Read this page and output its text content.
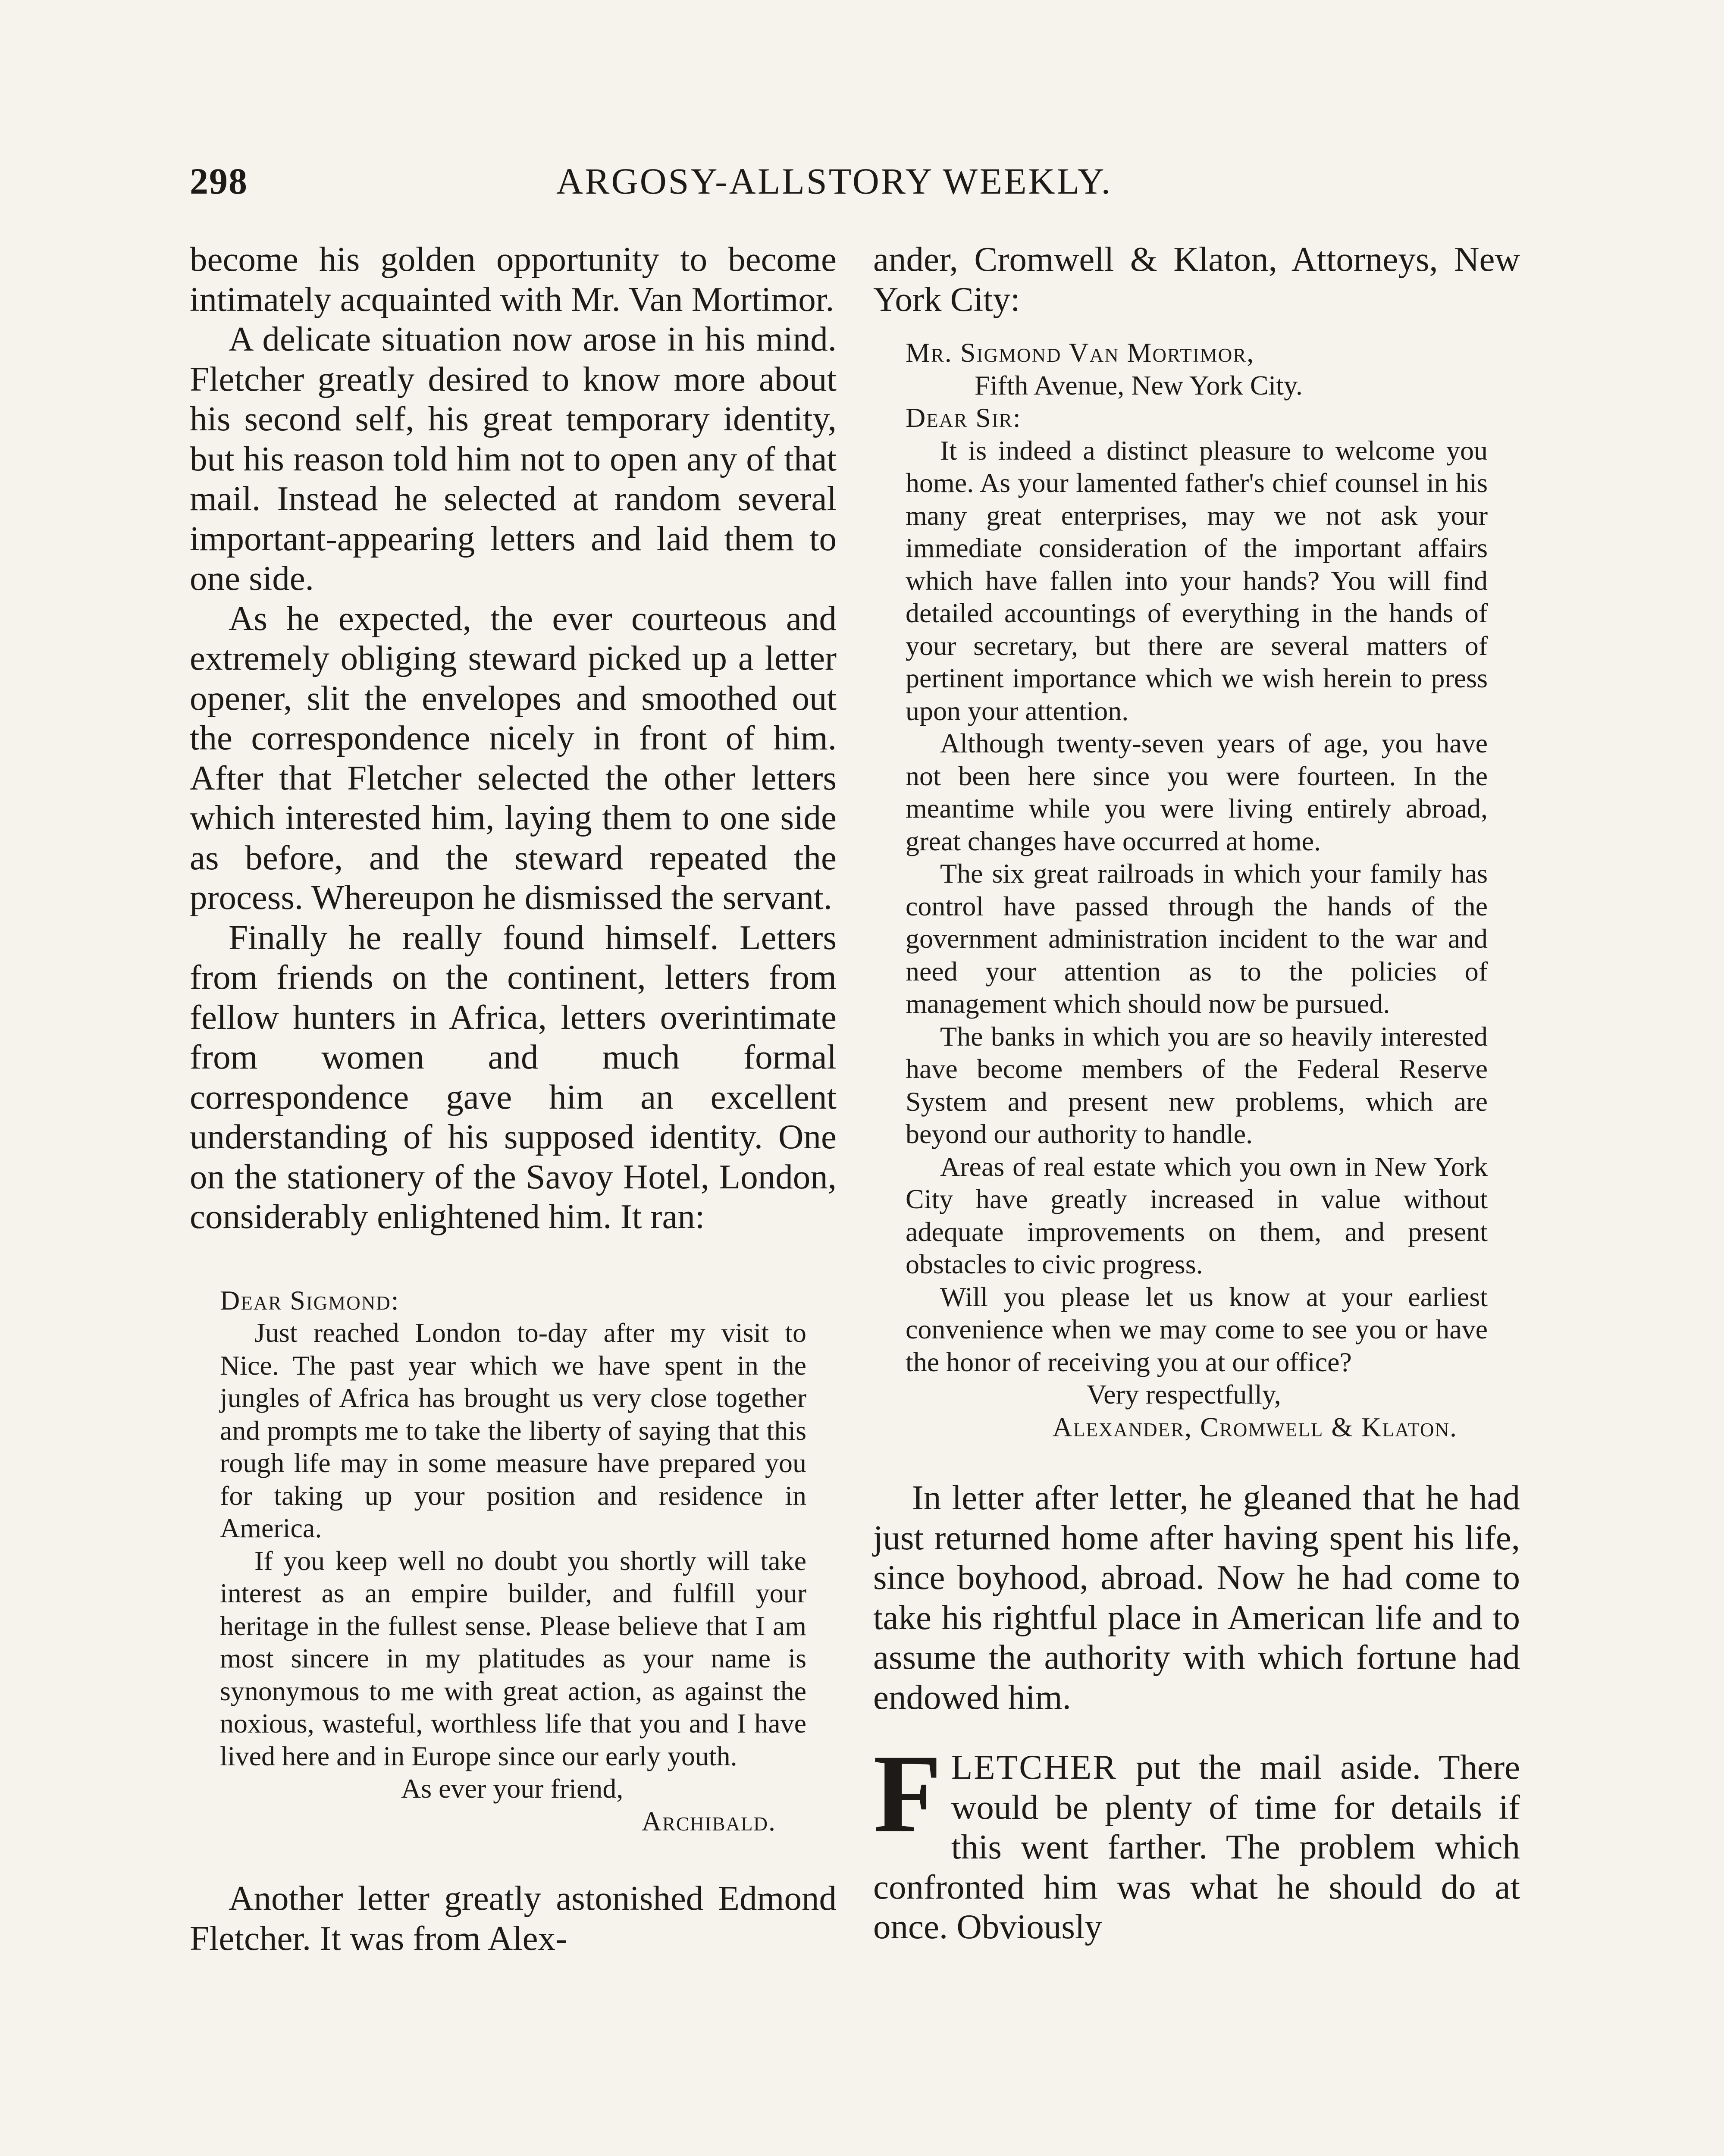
298	ARGOSY-ALLSTORY WEEKLY.

become his golden opportunity to become intimately acquainted with Mr. Van Mortimor.

A delicate situation now arose in his mind. Fletcher greatly desired to know more about his second self, his great temporary identity, but his reason told him not to open any of that mail. Instead he selected at random several important-appearing letters and laid them to one side.

As he expected, the ever courteous and extremely obliging steward picked up a letter opener, slit the envelopes and smoothed out the correspondence nicely in front of him. After that Fletcher selected the other letters which interested him, laying them to one side as before, and the steward repeated the process. Whereupon he dismissed the servant.

Finally he really found himself. Letters from friends on the continent, letters from fellow hunters in Africa, letters overintimate from women and much formal correspondence gave him an excellent understanding of his supposed identity. One on the stationery of the Savoy Hotel, London, considerably enlightened him. It ran:

Dear Sigmond:

Just reached London to-day after my visit to Nice. The past year which we have spent in the jungles of Africa has brought us very close together and prompts me to take the liberty of saying that this rough life may in some measure have prepared you for taking up your position and residence in America.

If you keep well no doubt you shortly will take interest as an empire builder, and fulfill your heritage in the fullest sense. Please believe that I am most sincere in my platitudes as your name is synonymous to me with great action, as against the noxious, wasteful, worthless life that you and I have lived here and in Europe since our early youth.

As ever your friend,

Archibald.

Another letter greatly astonished Edmond Fletcher. It was from Alex-

ander, Cromwell & Klaton, Attorneys, New York City:

Mr. Sigmond Van Mortimor,

Fifth Avenue, New York City.

Dear Sir:

It is indeed a distinct pleasure to welcome you home. As your lamented father's chief counsel in his many great enterprises, may we not ask your immediate consideration of the important affairs which have fallen into your hands? You will find detailed accountings of everything in the hands of your secretary, but there are several matters of pertinent importance which we wish herein to press upon your attention.

Although twenty-seven years of age, you have not been here since you were fourteen. In the meantime while you were living entirely abroad, great changes have occurred at home.

The six great railroads in which your family has control have passed through the hands of the government administration incident to the war and need your attention as to the policies of management which should now be pursued.

The banks in which you are so heavily interested have become members of the Federal Reserve System and present new problems, which are beyond our authority to handle.

Areas of real estate which you own in New York City have greatly increased in value without adequate improvements on them, and present obstacles to civic progress.

Will you please let us know at your earliest convenience when we may come to see you or have the honor of receiving you at our office?

Very respectfully,

Alexander, Cromwell & Klaton.

In letter after letter, he gleaned that he had just returned home after having spent his life, since boyhood, abroad. Now he had come to take his rightful place in American life and to assume the authority with which fortune had endowed him.

F LETCHER put the mail aside. There would be plenty of time for details if this went farther. The problem which confronted him was what he should do at once. Obviously
